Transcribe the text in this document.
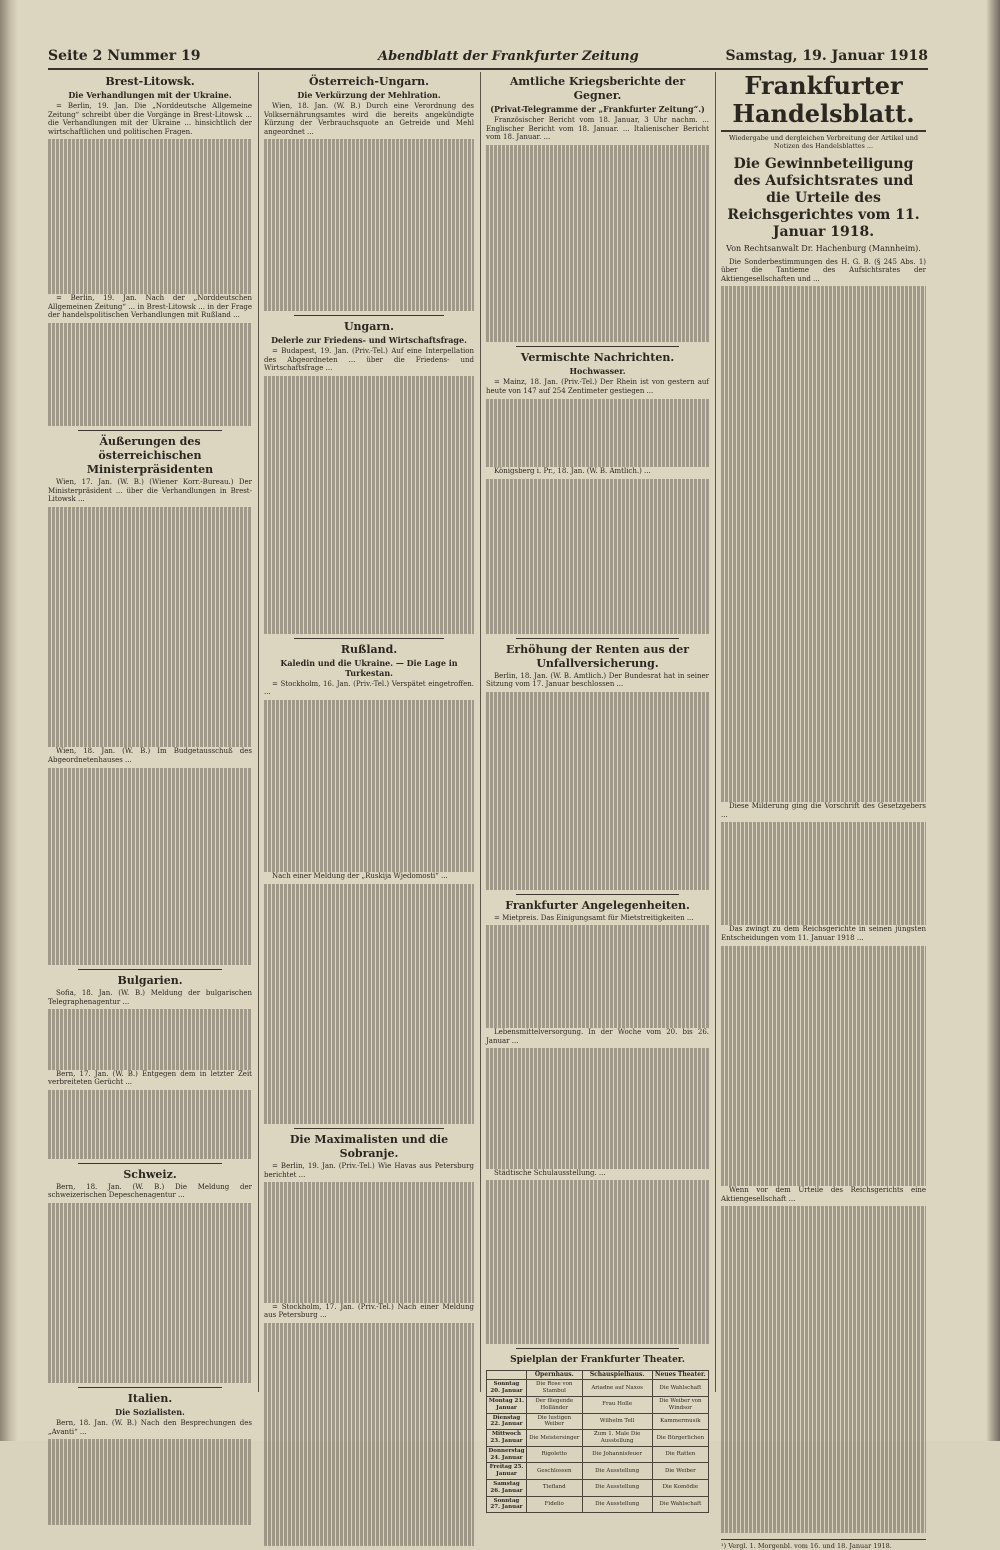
Seite 2 Nummer 19	Abendblatt der Frankfurter Zeitung	Samstag, 19. Januar 1918
Brest-Litowsk.
Die Verhandlungen mit der Ukraine.

= Berlin, 19. Jan. Die „Norddeutsche Allgemeine Zeitung“ schreibt über die Vorgänge in Brest-Litowsk ... die Verhandlungen mit der Ukraine ... hinsichtlich der wirtschaftlichen und politischen Fragen.

= Berlin, 19. Jan. Nach der „Norddeutschen Allgemeinen Zeitung“ ... in Brest-Litowsk ... in der Frage der handelspolitischen Verhandlungen mit Rußland ...

Äußerungen des österreichischen Ministerpräsidenten

Wien, 17. Jan. (W. B.) (Wiener Korr.-Bureau.) Der Ministerpräsident ... über die Verhandlungen in Brest-Litowsk ...

Wien, 18. Jan. (W. B.) Im Budgetausschuß des Abgeordnetenhauses ...

Bulgarien.

Sofia, 18. Jan. (W. B.) Meldung der bulgarischen Telegraphenagentur ...

Bern, 17. Jan. (W. B.) Entgegen dem in letzter Zeit verbreiteten Gerücht ...

Schweiz.

Bern, 18. Jan. (W. B.) Die Meldung der schweizerischen Depeschenagentur ...

Italien.
Die Sozialisten.

Bern, 18. Jan. (W. B.) Nach den Besprechungen des „Avanti“ ...

Österreich-Ungarn.
Die Verkürzung der Mehlration.

Wien, 18. Jan. (W. B.) Durch eine Verordnung des Volksernährungsamtes wird die bereits angekündigte Kürzung der Verbrauchsquote an Getreide und Mehl angeordnet ...

Ungarn.
Delerle zur Friedens- und Wirtschaftsfrage.

= Budapest, 19. Jan. (Priv.-Tel.) Auf eine Interpellation des Abgeordneten ... über die Friedens- und Wirtschaftsfrage ...

Rußland.
Kaledin und die Ukraine. — Die Lage in Turkestan.

= Stockholm, 16. Jan. (Priv.-Tel.) Verspätet eingetroffen. ...

Nach einer Meldung der „Ruskija Wjedomosti“ ...

Die Maximalisten und die Sobranje.

= Berlin, 19. Jan. (Priv.-Tel.) Wie Havas aus Petersburg berichtet ...

= Stockholm, 17. Jan. (Priv.-Tel.) Nach einer Meldung aus Petersburg ...

Amtliche Kriegsberichte der Gegner.
(Privat-Telegramme der „Frankfurter Zeitung“.)

Französischer Bericht vom 18. Januar, 3 Uhr nachm. ... Englischer Bericht vom 18. Januar. ... Italienischer Bericht vom 18. Januar. ...

Vermischte Nachrichten.
Hochwasser.

= Mainz, 18. Jan. (Priv.-Tel.) Der Rhein ist von gestern auf heute von 147 auf 254 Zentimeter gestiegen ...

Königsberg i. Pr., 18. Jan. (W. B. Amtlich.) ...

Erhöhung der Renten aus der Unfallversicherung.

Berlin, 18. Jan. (W. B. Amtlich.) Der Bundesrat hat in seiner Sitzung vom 17. Januar beschlossen ...

Frankfurter Angelegenheiten.

= Mietpreis. Das Einigungsamt für Mietstreitigkeiten ...

Lebensmittelversorgung. In der Woche vom 20. bis 26. Januar ...

Städtische Schulausstellung. ...

Spielplan der Frankfurter Theater.
	Opernhaus.	Schauspielhaus.	Neues Theater.
Sonntag 20. Januar	Die Rose von Stambul	Ariadne auf Naxos	Die Wahlschaft
Montag 21. Januar	Der fliegende Holländer	Frau Holle	Die Weiber von Windsor
Dienstag 22. Januar	Die lustigen Weiber	Wilhelm Tell	Kammermusik
Mittwoch 23. Januar	Die Meistersinger	Zum 1. Male Die Ausstellung	Die Bürgerlichen
Donnerstag 24. Januar	Rigoletto	Die Johannisfeuer	Die Ratten
Freitag 25. Januar	Geschlossen	Die Ausstellung	Die Weiber
Samstag 26. Januar	Tiefland	Die Ausstellung	Die Komödie
Sonntag 27. Januar	Fidelio	Die Ausstellung	Die Wahlschaft
Frankfurter Handelsblatt.
Wiedergabe und dergleichen Verbreitung der Artikel und Notizen des Handelsblattes ...
Die Gewinnbeteiligung des Aufsichtsrates und die Urteile des Reichsgerichtes vom 11. Januar 1918.
Von Rechtsanwalt Dr. Hachenburg (Mannheim).

Die Sonderbestimmungen des H. G. B. (§ 245 Abs. 1) über die Tantieme des Aufsichtsrates der Aktiengesellschaften und ...

Diese Milderung ging die Vorschrift des Gesetzgebers ...

Das zwingt zu dem Reichsgerichte in seinen jüngsten Entscheidungen vom 11. Januar 1918 ...

Wenn vor dem Urteile des Reichsgerichts eine Aktiengesellschaft ...

¹) Vergl. 1. Morgenbl. vom 16. und 18. Januar 1918.
